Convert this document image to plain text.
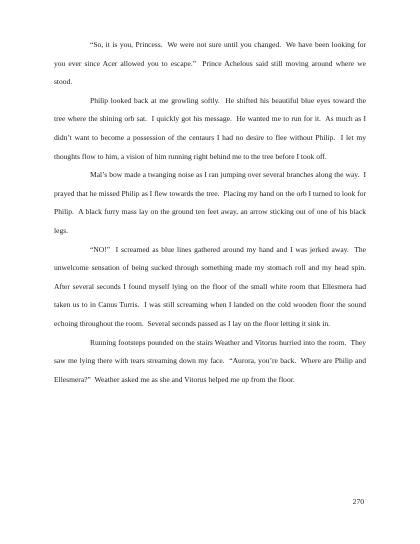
“So, it is you, Princess.  We were not sure until you changed.  We have been looking for you ever since Acer allowed you to escape.”  Prince Achelous said still moving around where we stood.

Philip looked back at me growling softly.  He shifted his beautiful blue eyes toward the tree where the shining orb sat.  I quickly got his message.  He wanted me to run for it.  As much as I didn’t want to become a possession of the centaurs I had no desire to flee without Philip.  I let my thoughts flow to him, a vision of him running right behind me to the tree before I took off.

Mal’s bow made a twanging noise as I ran jumping over several branches along the way.  I prayed that he missed Philip as I flew towards the tree.  Placing my hand on the orb I turned to look for Philip.  A black furry mass lay on the ground ten feet away, an arrow sticking out of one of his black legs.

“NO!”  I screamed as blue lines gathered around my hand and I was jerked away.  The unwelcome sensation of being sucked through something made my stomach roll and my head spin.  After several seconds I found myself lying on the floor of the small white room that Ellesmera had taken us to in Canus Turris.  I was still screaming when I landed on the cold wooden floor the sound echoing throughout the room.  Several seconds passed as I lay on the floor letting it sink in.

Running footsteps pounded on the stairs Weather and Vitorus hurried into the room.  They saw me lying there with tears streaming down my face.  “Aurora, you’re back.  Where are Philip and Ellesmera?”  Weather asked me as she and Vitorus helped me up from the floor.

270
